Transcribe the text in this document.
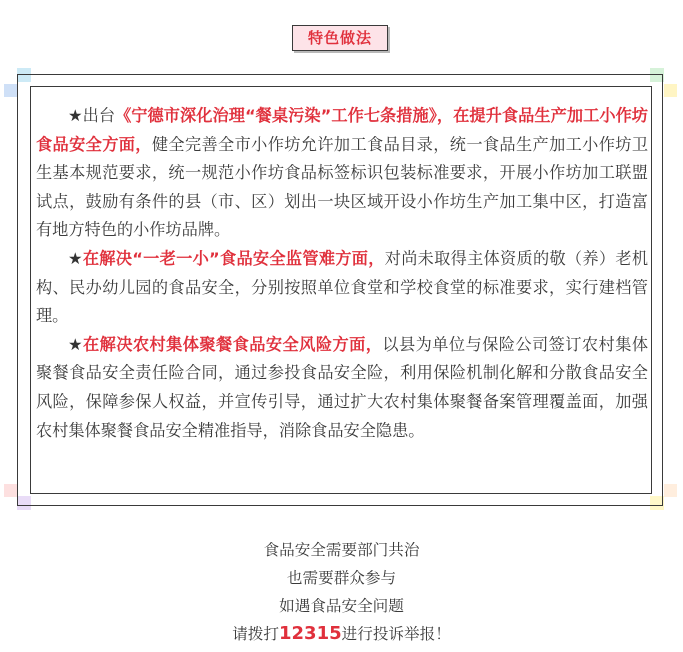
特色做法

★出台《宁德市深化治理“餐桌污染”工作七条措施》，在提升食品生产加工小作坊食品安全方面，健全完善全市小作坊允许加工食品目录，统一食品生产加工小作坊卫生基本规范要求，统一规范小作坊食品标签标识包装标准要求，开展小作坊加工联盟试点，鼓励有条件的县（市、区）划出一块区域开设小作坊生产加工集中区，打造富有地方特色的小作坊品牌。

★在解决“一老一小”食品安全监管难方面，对尚未取得主体资质的敬（养）老机构、民办幼儿园的食品安全，分别按照单位食堂和学校食堂的标准要求，实行建档管理。

★在解决农村集体聚餐食品安全风险方面，以县为单位与保险公司签订农村集体聚餐食品安全责任险合同，通过参投食品安全险，利用保险机制化解和分散食品安全风险，保障参保人权益，并宣传引导，通过扩大农村集体聚餐备案管理覆盖面，加强农村集体聚餐食品安全精准指导，消除食品安全隐患。

食品安全需要部门共治
也需要群众参与
如遇食品安全问题
请拨打12315进行投诉举报！
